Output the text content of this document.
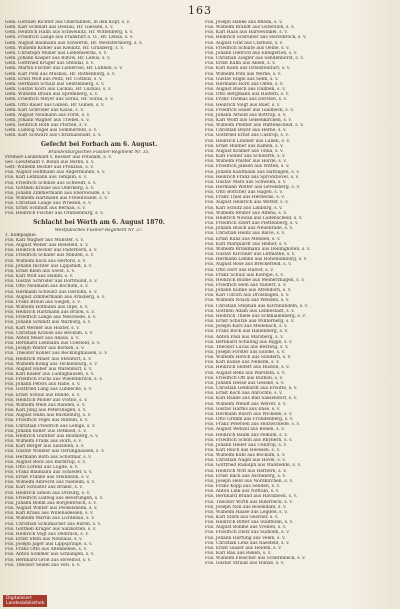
163
Gem. Gottlieb Richter aus Oberlübben, in den Kopf, s. v.
Gem. Karl Schmidt aus Dessau, Hr. Giessen, s. v.
Gem. Heinrich Hahn aus Schweinitz, Hr. Wittenberg, s. v.
Gem. Friedrich Lange aus Frankfurt a. O., Hr. Lebus, s. v.
Gem. August Baumann aus Schwerin, Hr. Weststernberg, s. v.
Gem. Wilhelm Kohler aus Kleinitz, Hr. Grünberg, s. v.
Gem. Christoph Müller aus Liebenwerda, s. v.
Gem. Johann Kasper aus Bütow, Hr. Lebus, s. v.
Gem. Gottfried Krüger aus Stendal, s. v.
Gem. Martin Fischer aus Lieberose, Hr. Lübben, s. v.
Gem. Karl Pohl aus Muskau, Hr. Rothenburg, s. v.
Gem. Ernst Wolf aus Peitz, Hr. Cottbus, s. v.
Gem. Hermann Schulz aus Senftenberg, s. v.
Gem. Gustav Koch aus Luckau, Hr. Luckau, s. v.
Gem. Wilhelm Braun aus Spremberg, s. v.
Gem. Friedrich Meyer aus Sorau, Hr. Sorau, s. v.
Gem. Otto Bauer aus Guben, Hr. Guben, s. v.
Gem. Karl Schröder aus Kalau, s. v.
Gem. August Neumann aus Forst, s. v.
Gem. Johann Wagner aus Triebel, s. v.
Gem. Heinrich Roth aus Pförten, s. v.
Gem. Ludwig Vogel aus Sommerfeld, s. v.
Gem. Karl Schwarz aus Christianstadt, s. v.
Gefecht bei Forbach am 6. August.
Brandenburgisches Füsilier-Regiment Nr. 35.
Premier-Lieutenant v. Kessler aus Potsdam, s. v.
Sec.-Lieutenant v. Bonin aus Berlin, s. v.
Gefr. Wilhelm Becker aus Prenzlau, s. v.
Füs. August Hoffmann aus Angermünde, s. v.
Füs. Karl Lehmann aus Templin, s. v.
Füs. Friedrich Schulze aus Schwedt, s. v.
Füs. Gottlieb Krause aus Oderberg, s. v.
Füs. Johann Zimmermann aus Eberswalde, s. v.
Füs. Wilhelm Hartmann aus Freienwalde, s. v.
Füs. Christian Lange aus Wriezen, s. v.
Füs. Ernst Schmidt aus Bernau, s. v.
Füs. Heinrich Fischer aus Oranienburg, s. v.
Schlacht bei Wörth am 6. August 1870.
Westfälisches Füsilier-Regiment Nr. 37.
1. Kompagnie.
Füs. Karl Wagner aus Münster, s. v.
Füs. August Weber aus Bielefeld, s. v.
Füs. Heinrich Becker aus Paderborn, s. v.
Füs. Friedrich Schäfer aus Minden, s. v.
Füs. Wilhelm Koch aus Herford, s. v.
Füs. Johann Richter aus Lippstadt, s. v.
Füs. Ernst Klein aus Soest, s. v.
Füs. Karl Wolf aus Hamm, s. v.
Füs. Gustav Schröder aus Dortmund, s. v.
Füs. Otto Neumann aus Bochum, s. v.
Füs. Hermann Schwarz aus Iserlohn, s. v.
Füs. August Zimmermann aus Arnsberg, s. v.
Füs. Franz Braun aus Siegen, s. v.
Füs. Wilhelm Hofmann aus Olpe, s. v.
Füs. Heinrich Hartmann aus Brilon, s. v.
Füs. Friedrich Lange aus Meschede, s. v.
Füs. Johann Schmitt aus Warburg, s. v.
Füs. Karl Werner aus Höxter, s. v.
Füs. Christian Krause aus Beckum, s. v.
Füs. Anton Meier aus Ahaus, s. v.
Füs. Bernhard Lehmann aus Coesfeld, s. v.
Füs. Joseph Walter aus Borken, s. v.
Füs. Theodor Köhler aus Recklinghausen, s. v.
Füs. Heinrich Maier aus Steinfurt, s. v.
Füs. Wilhelm König aus Tecklenburg, s. v.
Füs. August Huber aus Warendorf, s. v.
Füs. Karl Kaiser aus Lüdinghausen, s. v.
Füs. Friedrich Fuchs aus Wiedenbrück, s. v.
Füs. Johann Peters aus Halle, s. v.
Füs. Gottfried Lang aus Lübbecke, s. v.
Füs. Ernst Scholz aus Bünde, s. v.
Füs. Heinrich Möller aus Vlotho, s. v.
Füs. Wilhelm Weiß aus Rahden, s. v.
Füs. Karl Jung aus Petershagen, s. v.
Füs. August Hahn aus Bückeburg, s. v.
Füs. Friedrich Vogel aus Rinteln, s. v.
Füs. Christian Friedrich aus Lemgo, s. v.
Füs. Johann Keller aus Detmold, s. v.
Füs. Heinrich Günther aus Blomberg, s. v.
Füs. Wilhelm Frank aus Horn, s. v.
Füs. Karl Berger aus Salzuflen, s. v.
Füs. Gustav Winkler aus Oerlinghausen, s. v.
Füs. Hermann Roth aus Schötmar, s. v.
Füs. August Beck aus Barntrup, s. v.
Füs. Otto Lorenz aus Lügde, s. v.
Füs. Franz Baumann aus Schieder, s. v.
Füs. Ernst Franke aus Steinheim, s. v.
Füs. Wilhelm Albrecht aus Nieheim, s. v.
Füs. Karl Schuster aus Brakel, s. v.
Füs. Heinrich Simon aus Driburg, s. v.
Füs. Friedrich Ludwig aus Beverungen, s. v.
Füs. Johann Böhm aus Borgentreich, s. v.
Füs. August Winter aus Peckelsheim, s. v.
Füs. Karl Kraus aus Willebadessen, s. v.
Füs. Wilhelm Martin aus Lichtenau, s. v.
Füs. Christian Schumacher aus Büren, s. v.
Füs. Gottlieb Krüger aus Salzkotten, s. v.
Füs. Heinrich Vogt aus Delbrück, s. v.
Füs. Ernst Stein aus Neuhaus, s. v.
Füs. Joseph Jäger aus Lippspringe, s. v.
Füs. Franz Otto aus Altenbeken, s. v.
Füs. Anton Sommer aus Schlangen, s. v.
Füs. Bernhard Groß aus Hövelhof, s. v.
Füs. Theodor Seidel aus Verl, s. v.
Füs. Joseph Hanke aus Rheda, s. v.
Füs. Wilhelm Brandt aus Gütersloh, s. v.
Füs. Karl Haas aus Harsewinkel, s. v.
Füs. Heinrich Schreiber aus Herzebrock, s. v.
Füs. August Graf aus Clarholz, s. v.
Füs. Friedrich Schulte aus Oelde, s. v.
Füs. Johann Dietrich aus Ennigerloh, s. v.
Füs. Christian Ziegler aus Sendenhorst, s. v.
Füs. Ernst Kuhn aus Ahlen, s. v.
Füs. Karl Kühn aus Drensteinfurt, s. v.
Füs. Wilhelm Pohl aus Werne, s. v.
Füs. Gustav Engel aus Selm, s. v.
Füs. Hermann Horn aus Olfen, s. v.
Füs. August Busch aus Dülmen, s. v.
Füs. Otto Bergmann aus Haltern, s. v.
Füs. Franz Thomas aus Dorsten, s. v.
Füs. Heinrich Voigt aus Buer, s. v.
Füs. Friedrich Sauer aus Gladbeck, s. v.
Füs. Johann Arnold aus Bottrop, s. v.
Füs. Karl Wolff aus Gelsenkirchen, s. v.
Füs. Wilhelm Pfeiffer aus Wattenscheid, s. v.
Füs. Christian Beyer aus Herne, s. v.
Füs. Gottfried Ernst aus Castrop, s. v.
Füs. Heinrich Lindner aus Lünen, s. v.
Füs. Ernst Hübner aus Kamen, s. v.
Füs. August Kramer aus Unna, s. v.
Füs. Karl Fiedler aus Schwerte, s. v.
Füs. Wilhelm Polster aus Hörde, s. v.
Füs. Friedrich Jansen aus Witten, s. v.
Füs. Johann Kaufmann aus Hattingen, s. v.
Füs. Heinrich Franz aus Sprockhövel, s. v.
Füs. Gustav Marx aus Schwelm, s. v.
Füs. Hermann Wolter aus Gevelsberg, s. v.
Füs. Otto Böttcher aus Hagen, s. v.
Füs. Franz Thiel aus Herdecke, s. v.
Füs. August Heinrich aus Wetter, s. v.
Füs. Karl Schütz aus Limburg, s. v.
Füs. Wilhelm Reuter aus Altena, s. v.
Füs. Heinrich Nowak aus Lüdenscheid, s. v.
Füs. Friedrich Ebert aus Plettenberg, s. v.
Füs. Johann Busch aus Neuenrade, s. v.
Füs. Christian Heinz aus Balve, s. v.
Füs. Ernst Kunz aus Menden, s. v.
Füs. Karl Marquardt aus Hemer, s. v.
Füs. Wilhelm Brinkmann aus Deilinghofen, s. v.
Füs. Gustav Kirchner aus Letmathe, s. v.
Füs. Hermann Lemke aus Hohenlimburg, s. v.
Füs. August Rose aus Breckerfeld, s. v.
Füs. Otto Dörr aus Halver, s. v.
Füs. Franz Schulz aus Kierspe, s. v.
Füs. Heinrich Blume aus Meinerzhagen, s. v.
Füs. Friedrich Hein aus Valbert, s. v.
Füs. Johann Kühne aus Attendorn, s. v.
Füs. Karl Ullrich aus Drolshagen, s. v.
Füs. Wilhelm Noack aus Wenden, s. v.
Füs. Christian Stephan aus Kirchhundem, s. v.
Füs. Gottlieb Adam aus Lennestadt, s. v.
Füs. Heinrich Thiele aus Schmallenberg, s. v.
Füs. Ernst Schütze aus Winterberg, s. v.
Füs. Joseph Kurz aus Medebach, s. v.
Füs. Franz Bock aus Hallenberg, s. v.
Füs. Anton Paul aus Marsberg, s. v.
Füs. Bernhard Schilling aus Bigge, s. v.
Füs. Theodor Lucas aus Bestwig, s. v.
Füs. Joseph Förster aus Eslohe, s. v.
Füs. Wilhelm Hirsch aus Sundern, s. v.
Füs. Karl Kunze aus Neheim, s. v.
Füs. Heinrich Seifert aus Hüsten, s. v.
Füs. August Benz aus Warstein, s. v.
Füs. Friedrich Ott aus Rüthen, s. v.
Füs. Johann Hesse aus Geseke, s. v.
Füs. Christian Gebhardt aus Erwitte, s. v.
Füs. Ernst Koch aus Anröchte, s. v.
Füs. Karl Raabe aus Bad Sassendorf, s. v.
Füs. Wilhelm Wendt aus Welver, s. v.
Füs. Gustav Harms aus Ense, s. v.
Füs. Hermann Busch aus Wickede, s. v.
Füs. Otto Grimm aus Fröndenberg, s. v.
Füs. Franz Petersen aus Holzwickede, s. v.
Füs. August Wenzel aus Bönen, s. v.
Füs. Heinrich Baum aus Pelkum, s. v.
Füs. Friedrich Schön aus Rhynern, s. v.
Füs. Johann Heller aus Uentrop, s. v.
Füs. Karl Reich aus Heessen, s. v.
Füs. Wilhelm Kühl aus Bockum, s. v.
Füs. Christian Nagel aus Hövel, s. v.
Füs. Gottfried Rudolph aus Walstedde, s. v.
Füs. Heinrich Witt aus Herbern, s. v.
Füs. Ernst Bach aus Ascheberg, s. v.
Füs. Joseph Held aus Nordkirchen, s. v.
Füs. Franz Kopp aus Senden, s. v.
Füs. Anton Link aus Nottuln, s. v.
Füs. Bernhard Brand aus Havixbeck, s. v.
Füs. Theodor Wirth aus Billerbeck, s. v.
Füs. Joseph Noll aus Rosendahl, s. v.
Füs. Wilhelm Haase aus Legden, s. v.
Füs. Karl Stark aus Gescher, s. v.
Füs. Heinrich Ritter aus Stadtlohn, s. v.
Füs. August Böhme aus Vreden, s. v.
Füs. Friedrich Dietz aus Südlohn, s. v.
Füs. Johann Hartung aus Velen, s. v.
Füs. Christian Lenz aus Raesfeld, s. v.
Füs. Ernst Glaser aus Heiden, s. v.
Füs. Karl Rau aus Reken, s. v.
Füs. Wilhelm Fleischer aus Schermbeck, s. v.
Füs. Gustav Strauß aus Hünxe, s. v.
Digitalisiert
Landesbibliothek
